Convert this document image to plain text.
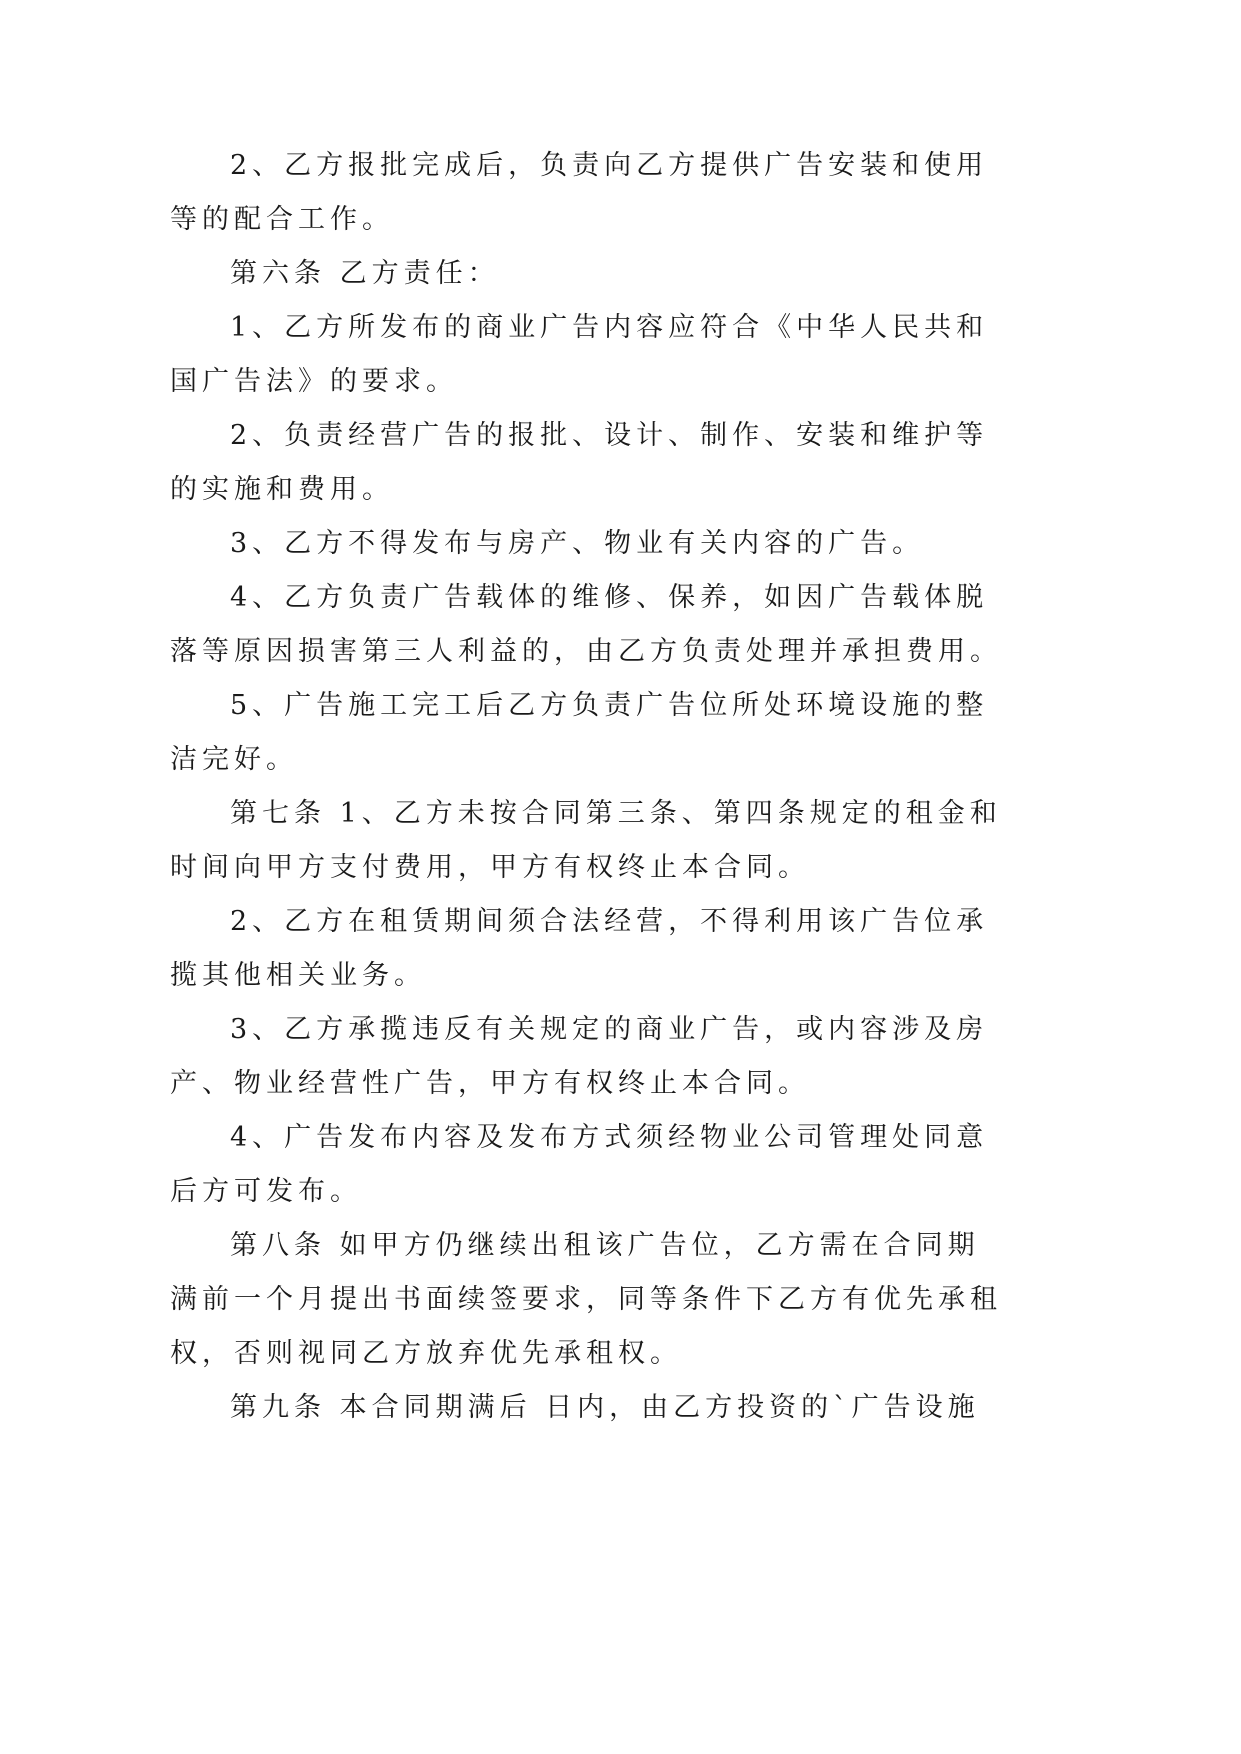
2、乙方报批完成后，负责向乙方提供广告安装和使用
等的配合工作。

第六条 乙方责任：

1、乙方所发布的商业广告内容应符合《中华人民共和
国广告法》的要求。

2、负责经营广告的报批、设计、制作、安装和维护等
的实施和费用。

3、乙方不得发布与房产、物业有关内容的广告。

4、乙方负责广告载体的维修、保养，如因广告载体脱
落等原因损害第三人利益的，由乙方负责处理并承担费用。

5、广告施工完工后乙方负责广告位所处环境设施的整
洁完好。

第七条 1、乙方未按合同第三条、第四条规定的租金和
时间向甲方支付费用，甲方有权终止本合同。

2、乙方在租赁期间须合法经营，不得利用该广告位承
揽其他相关业务。

3、乙方承揽违反有关规定的商业广告，或内容涉及房
产、物业经营性广告，甲方有权终止本合同。

4、广告发布内容及发布方式须经物业公司管理处同意
后方可发布。

第八条 如甲方仍继续出租该广告位，乙方需在合同期
满前一个月提出书面续签要求，同等条件下乙方有优先承租
权，否则视同乙方放弃优先承租权。

第九条 本合同期满后 日内，由乙方投资的`广告设施
